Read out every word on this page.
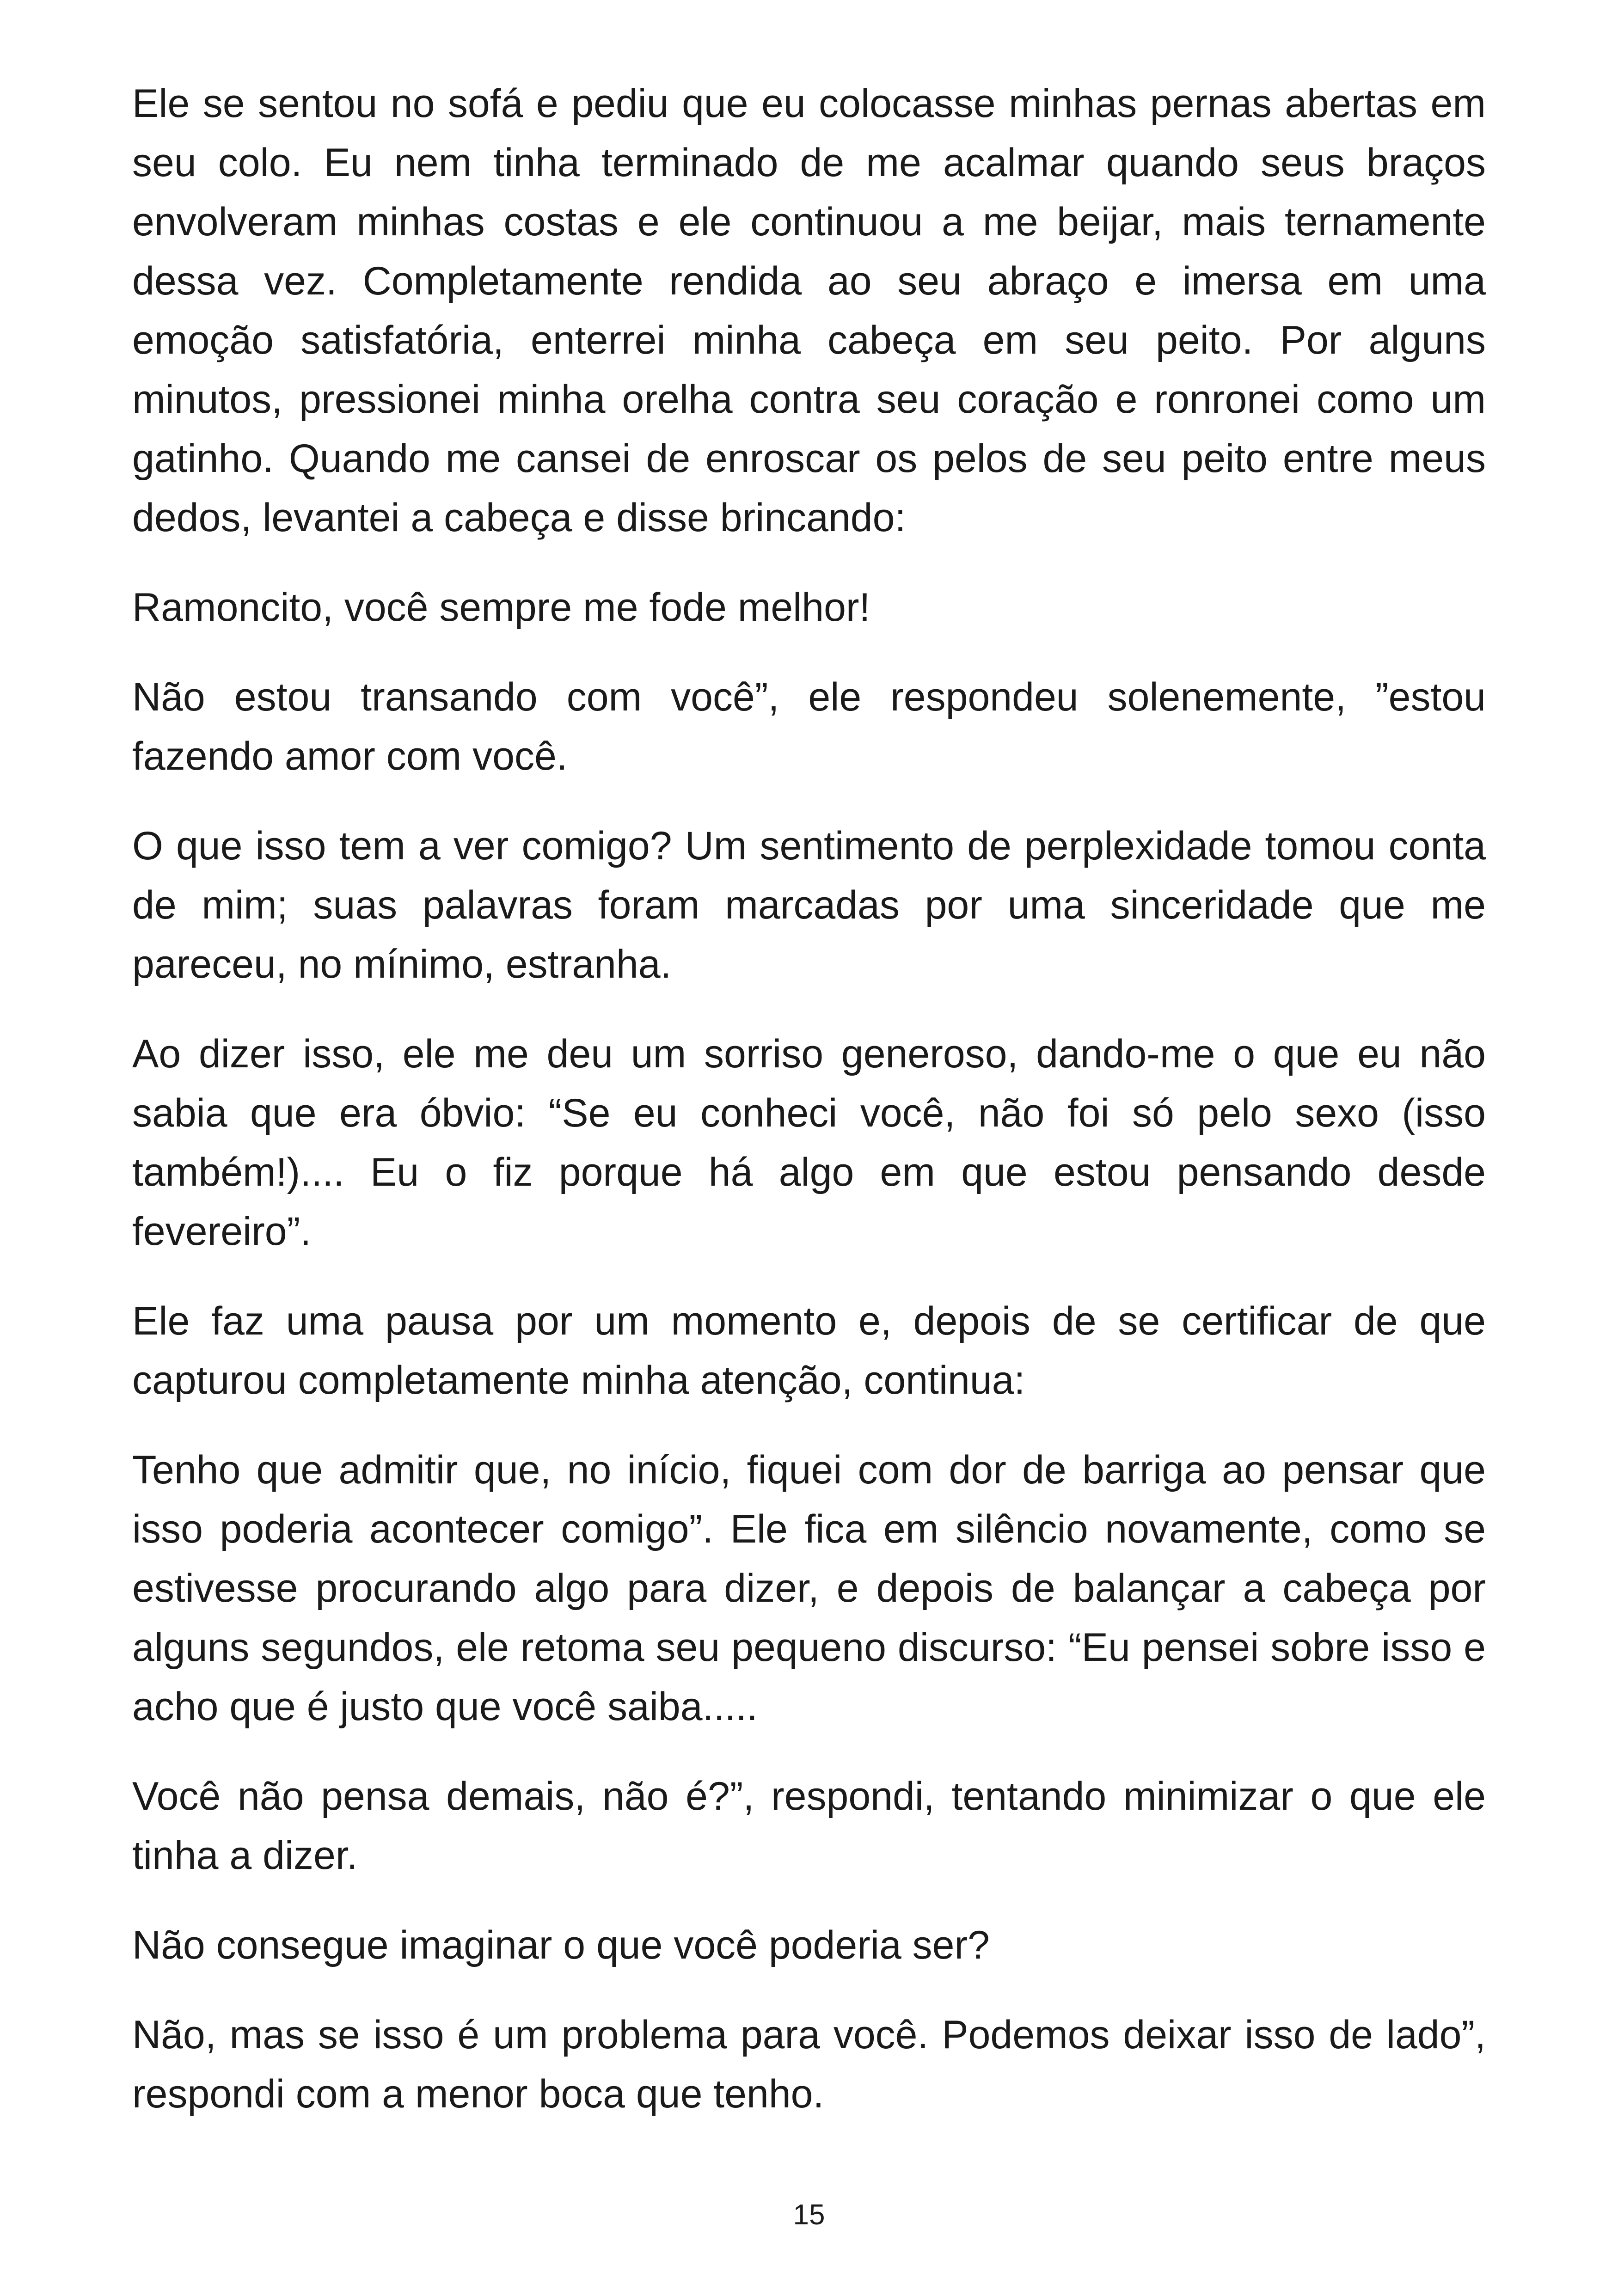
Ele se sentou no sofá e pediu que eu colocasse minhas pernas abertas em seu colo. Eu nem tinha terminado de me acalmar quando seus braços envolveram minhas costas e ele continuou a me beijar, mais ternamente dessa vez. Completamente rendida ao seu abraço e imersa em uma emoção satisfatória, enterrei minha cabeça em seu peito. Por alguns minutos, pressionei minha orelha contra seu coração e ronronei como um gatinho. Quando me cansei de enroscar os pelos de seu peito entre meus dedos, levantei a cabeça e disse brincando:

Ramoncito, você sempre me fode melhor!

Não estou transando com você”, ele respondeu solenemente, ”estou fazendo amor com você.

O que isso tem a ver comigo? Um sentimento de perplexidade tomou conta de mim; suas palavras foram marcadas por uma sinceridade que me pareceu, no mínimo, estranha.

Ao dizer isso, ele me deu um sorriso generoso, dando-me o que eu não sabia que era óbvio: “Se eu conheci você, não foi só pelo sexo (isso também!).... Eu o fiz porque há algo em que estou pensando desde fevereiro”.

Ele faz uma pausa por um momento e, depois de se certificar de que capturou completamente minha atenção, continua:

Tenho que admitir que, no início, fiquei com dor de barriga ao pensar que isso poderia acontecer comigo”. Ele fica em silêncio novamente, como se estivesse procurando algo para dizer, e depois de balançar a cabeça por alguns segundos, ele retoma seu pequeno discurso: “Eu pensei sobre isso e acho que é justo que você saiba.....

Você não pensa demais, não é?”, respondi, tentando minimizar o que ele tinha a dizer.

Não consegue imaginar o que você poderia ser?

Não, mas se isso é um problema para você. Podemos deixar isso de lado”, respondi com a menor boca que tenho.

15
